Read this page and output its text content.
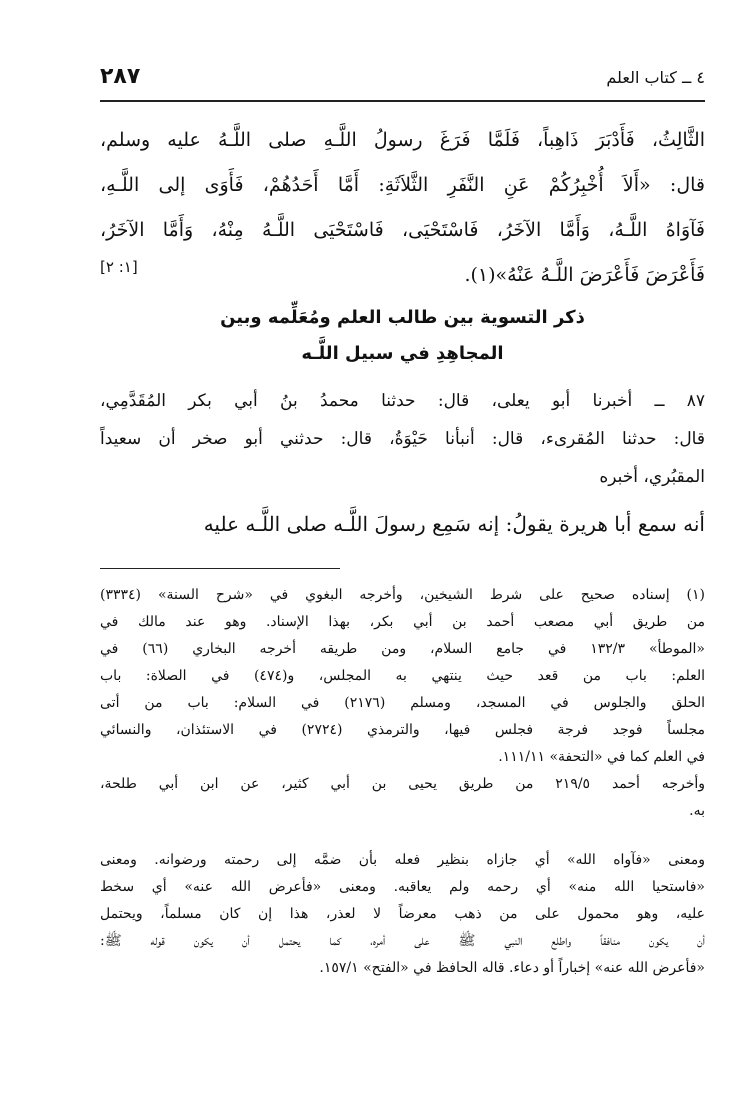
٢٨٧	٤ ــ كتاب العلم
الثَّالِثُ، فَأَدْبَرَ ذَاهِباً، فَلَمَّا فَرَغَ رسولُ اللَّـهِ صلى اللَّـهُ عليه وسلم،
قال: «أَلاَ أُخْبِرُكُمْ عَنِ النَّفَرِ الثَّلاَثَةِ: أَمَّا أَحَدُهُمْ، فَأَوَى إلى اللَّـهِ،
فَآوَاهُ اللَّـهُ، وَأَمَّا الآخَرُ، فَاسْتَحْيَى، فَاسْتَحْيَى اللَّـهُ مِنْهُ، وَأَمَّا الآخَرُ،
فَأَعْرَضَ فَأَعْرَضَ اللَّـهُ عَنْهُ»(١).
[١: ٢]
ذكر التسوية بين طالب العلم ومُعَلِّمه وبين
المجاهِدِ في سبيل اللَّـه
٨٧ ــ أخبرنا أبو يعلى، قال: حدثنا محمدُ بنُ أبي بكر المُقَدَّمِي،
قال: حدثنا المُقرىء، قال: أنبأنا حَيْوَةُ، قال: حدثني أبو صخر أن سعيداً
المقبُري، أخبره
أنه سمع أبا هريرة يقولُ: إنه سَمِع رسولَ اللَّـه صلى اللَّـه عليه
(١) إسناده صحيح على شرط الشيخين، وأخرجه البغوي في «شرح السنة» (٣٣٣٤)
من طريق أبي مصعب أحمد بن أبي بكر، بهذا الإسناد. وهو عند مالك في
«الموطأ» ١٣٢/٣ في جامع السلام، ومن طريقه أخرجه البخاري (٦٦) في
العلم: باب من قعد حيث ينتهي به المجلس، و(٤٧٤) في الصلاة: باب
الحلق والجلوس في المسجد، ومسلم (٢١٧٦) في السلام: باب من أتى
مجلساً فوجد فرجة فجلس فيها، والترمذي (٢٧٢٤) في الاستئذان، والنسائي
في العلم كما في «التحفة» ١١١/١١.
وأخرجه أحمد ٢١٩/٥ من طريق يحيى بن أبي كثير، عن ابن أبي طلحة،
به.
ومعنى «فآواه الله» أي جازاه بنظير فعله بأن ضمَّه إلى رحمته ورضوانه. ومعنى
«فاستحيا الله منه» أي رحمه ولم يعاقبه. ومعنى «فأعرض الله عنه» أي سخط
عليه، وهو محمول على من ذهب معرضاً لا لعذر، هذا إن كان مسلماً، ويحتمل
أن يكون منافقاً واطلع النبي ﷺ على أمره، كما يحتمل أن يكون قوله ﷺ:
«فأعرض الله عنه» إخباراً أو دعاء. قاله الحافظ في «الفتح» ١٥٧/١.
